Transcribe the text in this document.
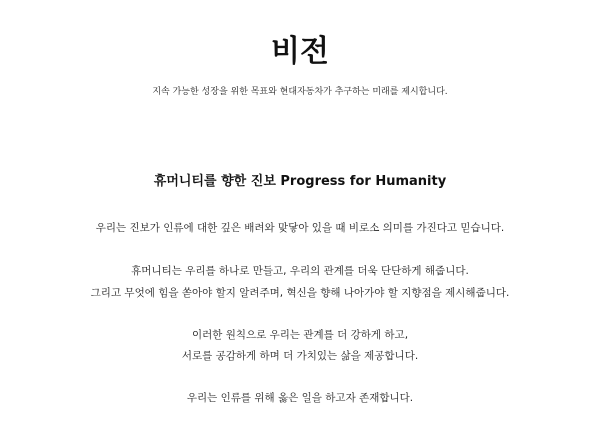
비전
지속 가능한 성장을 위한 목표와 현대자동차가 추구하는 미래를 제시합니다.
휴머니티를 향한 진보 Progress for Humanity

우리는 진보가 인류에 대한 깊은 배려와 맞닿아 있을 때 비로소 의미를 가진다고 믿습니다.

휴머니티는 우리를 하나로 만들고, 우리의 관계를 더욱 단단하게 해줍니다.

그리고 무엇에 힘을 쏟아야 할지 알려주며, 혁신을 향해 나아가야 할 지향점을 제시해줍니다.

이러한 원칙으로 우리는 관계를 더 강하게 하고,

서로를 공감하게 하며 더 가치있는 삶을 제공합니다.

우리는 인류를 위해 옳은 일을 하고자 존재합니다.
